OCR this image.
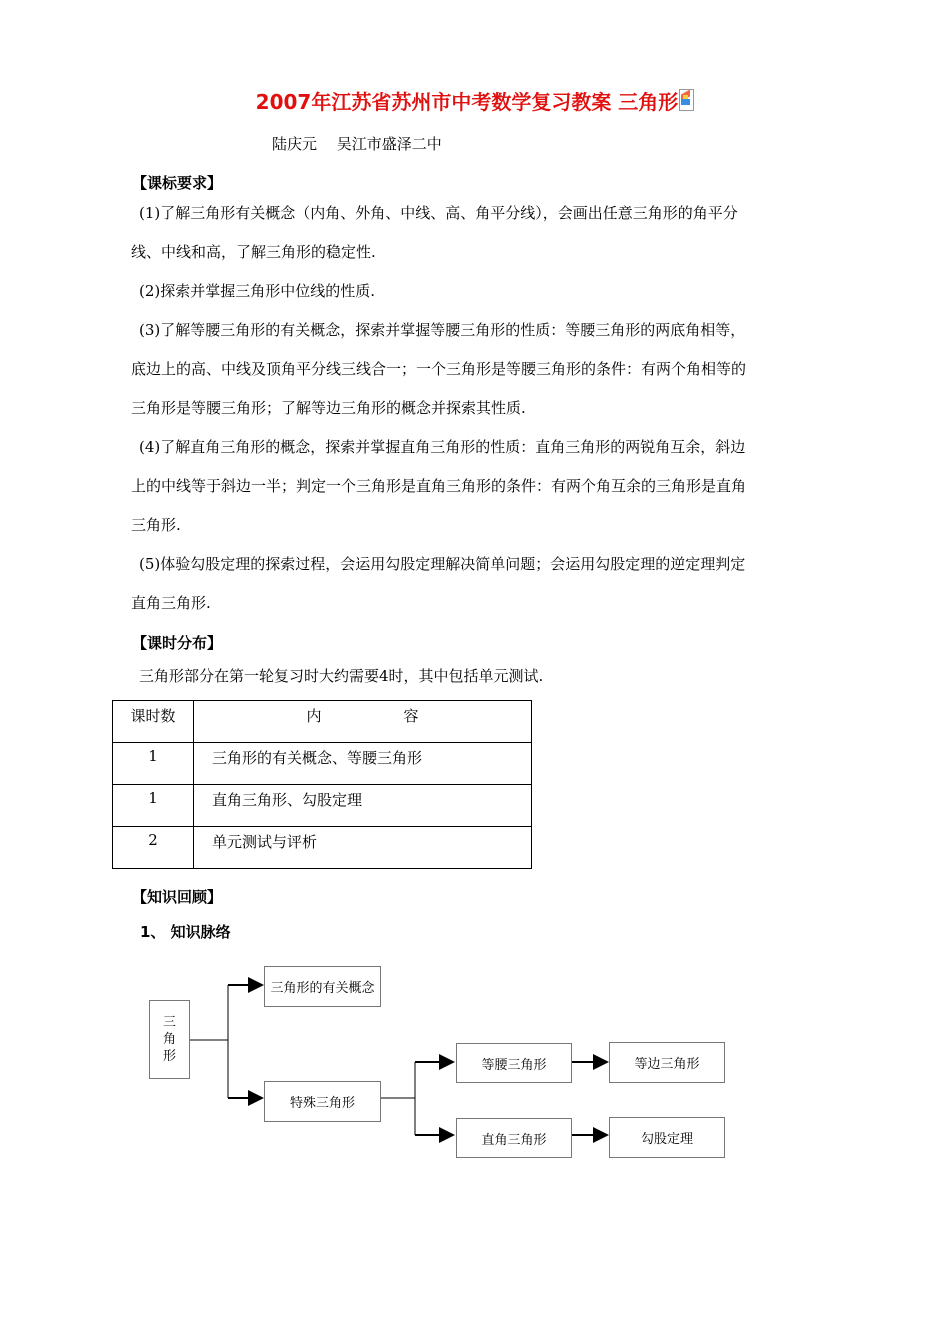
2007年江苏省苏州市中考数学复习教案 三角形
陆庆元　 吴江市盛泽二中
【课标要求】

(1)了解三角形有关概念（内角、外角、中线、高、角平分线），会画出任意三角形的角平分

线、中线和高，了解三角形的稳定性.

(2)探索并掌握三角形中位线的性质.

(3)了解等腰三角形的有关概念，探索并掌握等腰三角形的性质：等腰三角形的两底角相等，

底边上的高、中线及顶角平分线三线合一；一个三角形是等腰三角形的条件：有两个角相等的

三角形是等腰三角形；了解等边三角形的概念并探索其性质.

(4)了解直角三角形的概念，探索并掌握直角三角形的性质：直角三角形的两锐角互余，斜边

上的中线等于斜边一半；判定一个三角形是直角三角形的条件：有两个角互余的三角形是直角

三角形.

(5)体验勾股定理的探索过程，会运用勾股定理解决简单问题；会运用勾股定理的逆定理判定

直角三角形.

【课时分布】

三角形部分在第一轮复习时大约需要4时，其中包括单元测试.

课时数	内 容

1	三角形的有关概念、等腰三角形
1	直角三角形、勾股定理
2	单元测试与评析
【知识回顾】
1、 知识脉络
三
角
形
三角形的有关概念
特殊三角形
等腰三角形	等边三角形
直角三角形	勾股定理
